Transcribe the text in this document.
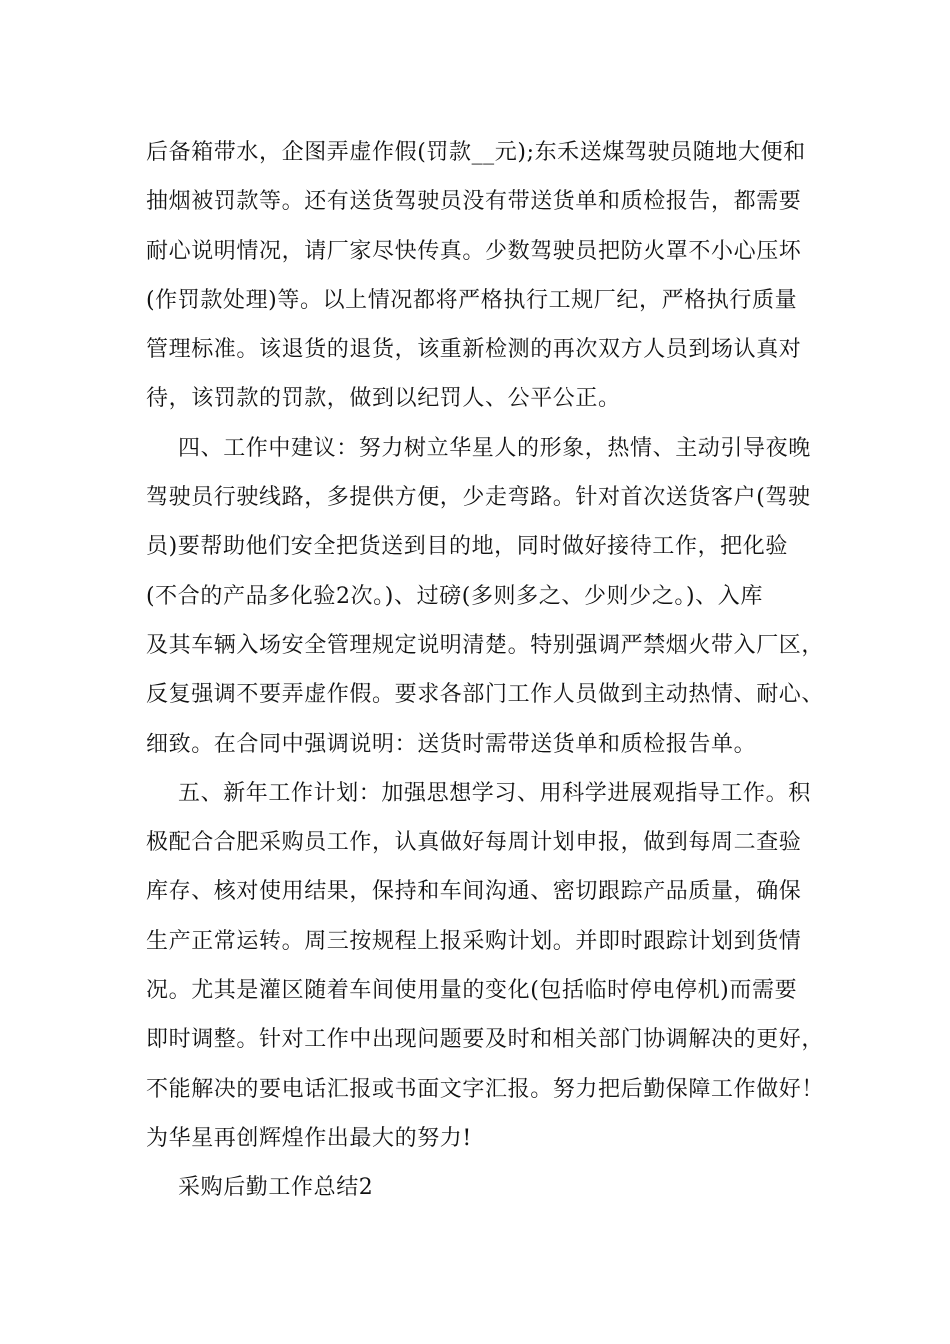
后备箱带水，企图弄虚作假(罚款__元);东禾送煤驾驶员随地大便和
抽烟被罚款等。还有送货驾驶员没有带送货单和质检报告，都需要
耐心说明情况，请厂家尽快传真。少数驾驶员把防火罩不小心压坏
(作罚款处理)等。以上情况都将严格执行工规厂纪，严格执行质量
管理标准。该退货的退货，该重新检测的再次双方人员到场认真对
待，该罚款的罚款，做到以纪罚人、公平公正。
四、工作中建议：努力树立华星人的形象，热情、主动引导夜晚
驾驶员行驶线路，多提供方便，少走弯路。针对首次送货客户(驾驶
员)要帮助他们安全把货送到目的地，同时做好接待工作，把化验
(不合的产品多化验2次。)、过磅(多则多之、少则少之。)、入库
及其车辆入场安全管理规定说明清楚。特别强调严禁烟火带入厂区，
反复强调不要弄虚作假。要求各部门工作人员做到主动热情、耐心、
细致。在合同中强调说明：送货时需带送货单和质检报告单。
五、新年工作计划：加强思想学习、用科学进展观指导工作。积
极配合合肥采购员工作，认真做好每周计划申报，做到每周二查验
库存、核对使用结果，保持和车间沟通、密切跟踪产品质量，确保
生产正常运转。周三按规程上报采购计划。并即时跟踪计划到货情
况。尤其是灌区随着车间使用量的变化(包括临时停电停机)而需要
即时调整。针对工作中出现问题要及时和相关部门协调解决的更好，
不能解决的要电话汇报或书面文字汇报。努力把后勤保障工作做好！
为华星再创辉煌作出最大的努力!
采购后勤工作总结2
